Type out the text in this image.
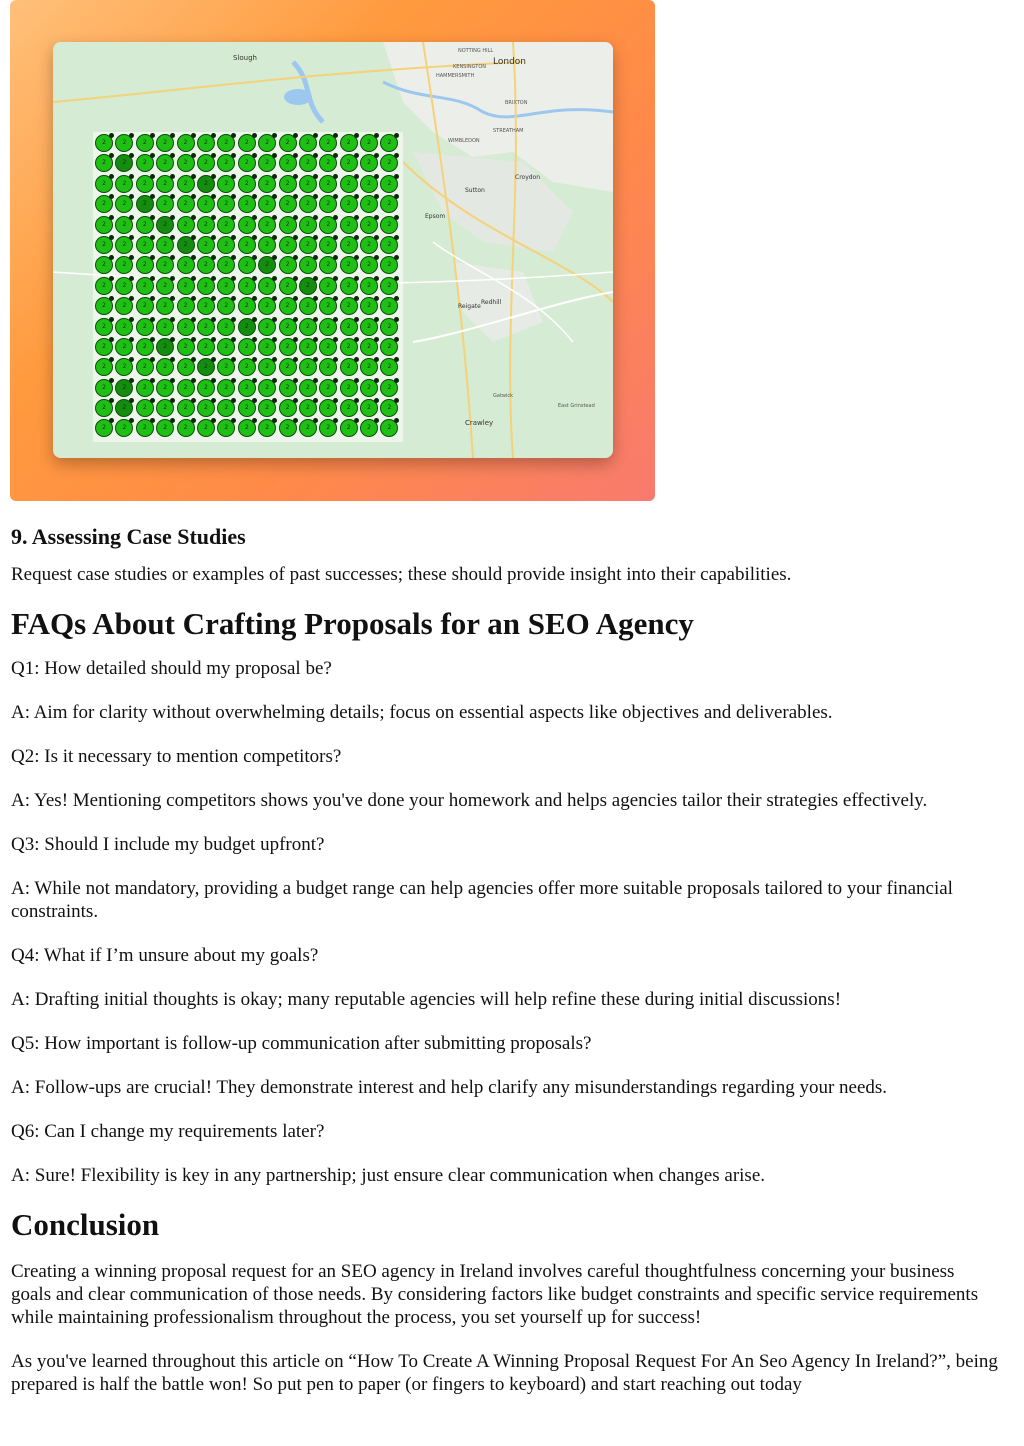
London
NOTTING HILL
KENSINGTON
HAMMERSMITH
BRIXTON
STREATHAM
WIMBLEDON
Slough
Croydon
Sutton
Epsom
Reigate
Redhill
Crawley
Gatwick
East Grinstead
2	2	2	2	2	2	2	2	2	2	2	2	2	2	2
2	2	2	2	2	2	2	2	2	2	2	2	2	2	2
2	2	2	2	2	2	2	2	2	2	2	2	2	2	2
2	2	2	2	2	2	2	2	2	2	2	2	2	2	2
2	2	2	2	2	2	2	2	2	2	2	2	2	2	2
2	2	2	2	2	2	2	2	2	2	2	2	2	2	2
2	2	2	2	2	2	2	2	2	2	2	2	2	2	2
2	2	2	2	2	2	2	2	2	2	2	2	2	2	2
2	2	2	2	2	2	2	2	2	2	2	2	2	2	2
2	2	2	2	2	2	2	2	2	2	2	2	2	2	2
2	2	2	2	2	2	2	2	2	2	2	2	2	2	2
2	2	2	2	2	2	2	2	2	2	2	2	2	2	2
2	2	2	2	2	2	2	2	2	2	2	2	2	2	2
2	2	2	2	2	2	2	2	2	2	2	2	2	2	2
2	2	2	2	2	2	2	2	2	2	2	2	2	2	2
9. Assessing Case Studies

Request case studies or examples of past successes; these should provide insight into their capabilities.

FAQs About Crafting Proposals for an SEO Agency

Q1: How detailed should my proposal be?

A: Aim for clarity without overwhelming details; focus on essential aspects like objectives and deliverables.

Q2: Is it necessary to mention competitors?

A: Yes! Mentioning competitors shows you've done your homework and helps agencies tailor their strategies effectively.

Q3: Should I include my budget upfront?

A: While not mandatory, providing a budget range can help agencies offer more suitable proposals tailored to your financial constraints.

Q4: What if I’m unsure about my goals?

A: Drafting initial thoughts is okay; many reputable agencies will help refine these during initial discussions!

Q5: How important is follow-up communication after submitting proposals?

A: Follow-ups are crucial! They demonstrate interest and help clarify any misunderstandings regarding your needs.

Q6: Can I change my requirements later?

A: Sure! Flexibility is key in any partnership; just ensure clear communication when changes arise.

Conclusion

Creating a winning proposal request for an SEO agency in Ireland involves careful thoughtfulness concerning your business goals and clear communication of those needs. By considering factors like budget constraints and specific service requirements while maintaining professionalism throughout the process, you set yourself up for success!

As you've learned throughout this article on “How To Create A Winning Proposal Request For An Seo Agency In Ireland?”, being prepared is half the battle won! So put pen to paper (or fingers to keyboard) and start reaching out today
